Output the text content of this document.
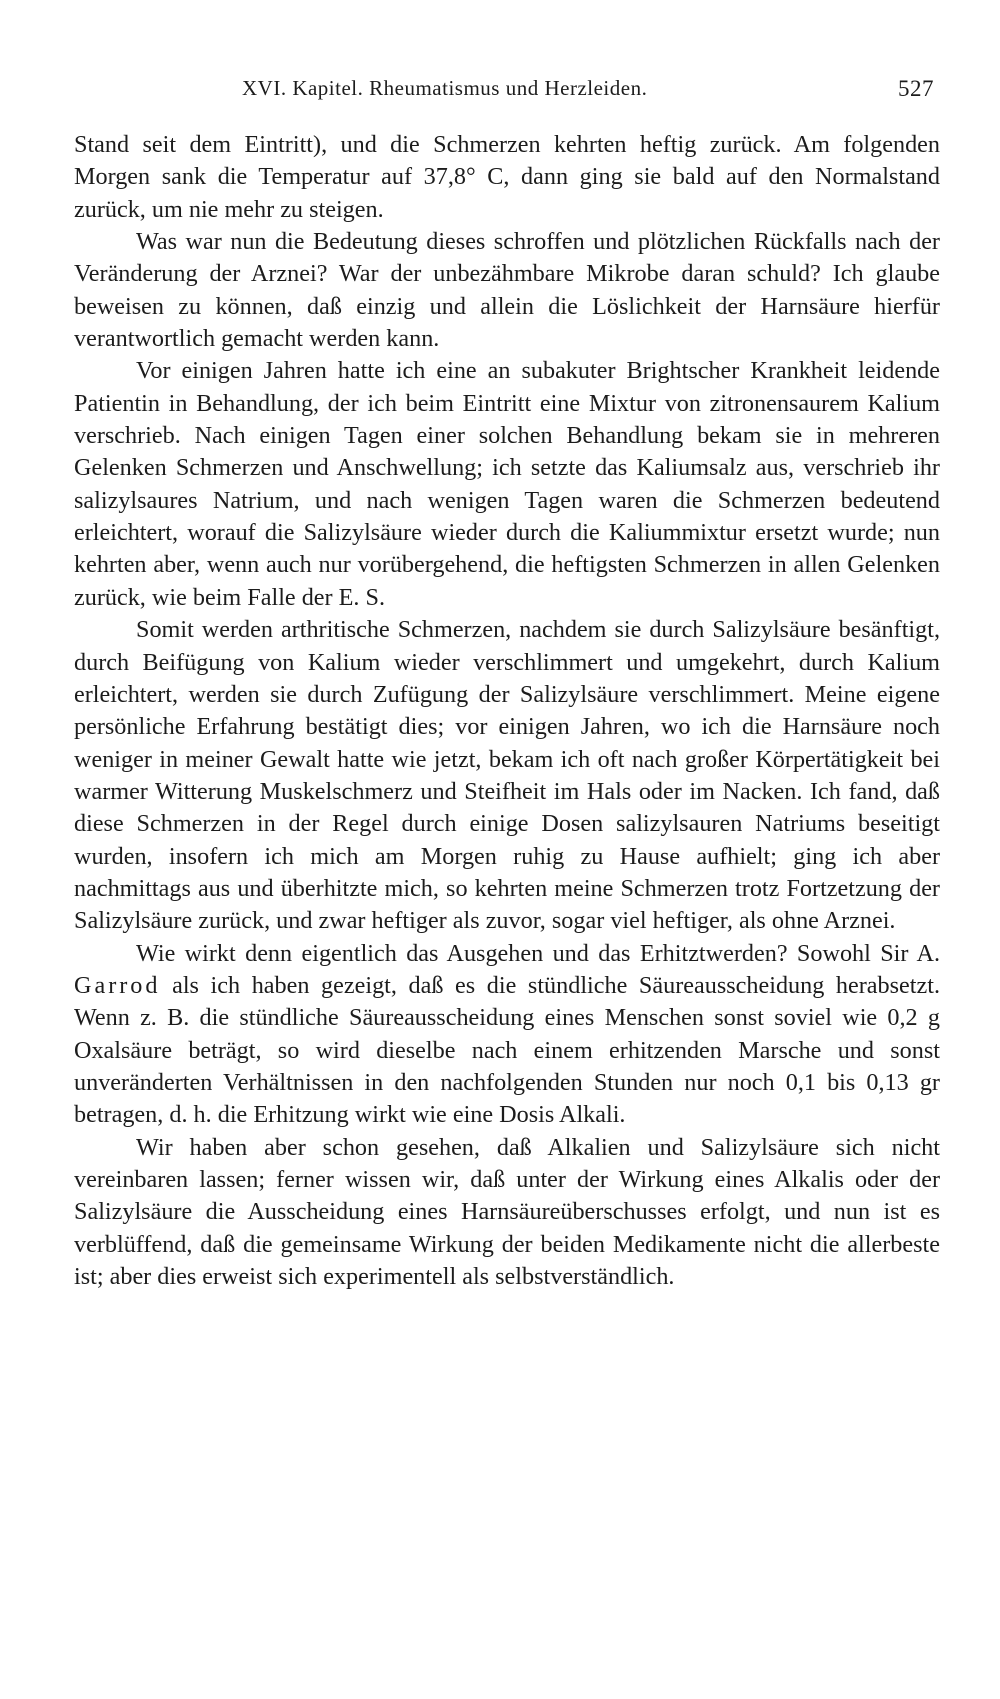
XVI. Kapitel. Rheumatismus und Herzleiden.	527

Stand seit dem Eintritt), und die Schmerzen kehrten heftig zurück. Am folgenden Morgen sank die Temperatur auf 37,8° C, dann ging sie bald auf den Normalstand zurück, um nie mehr zu steigen.

Was war nun die Bedeutung dieses schroffen und plötzlichen Rückfalls nach der Veränderung der Arznei? War der unbezähmbare Mikrobe daran schuld? Ich glaube beweisen zu können, daß einzig und allein die Löslichkeit der Harnsäure hierfür verantwortlich gemacht werden kann.

Vor einigen Jahren hatte ich eine an subakuter Brightscher Krankheit leidende Patientin in Behandlung, der ich beim Eintritt eine Mixtur von zitronensaurem Kalium verschrieb. Nach einigen Tagen einer solchen Behandlung bekam sie in mehreren Gelenken Schmerzen und Anschwellung; ich setzte das Kaliumsalz aus, verschrieb ihr salizylsaures Natrium, und nach wenigen Tagen waren die Schmerzen bedeutend erleichtert, worauf die Salizylsäure wieder durch die Kaliummixtur ersetzt wurde; nun kehrten aber, wenn auch nur vorübergehend, die heftigsten Schmerzen in allen Gelenken zurück, wie beim Falle der E. S.

Somit werden arthritische Schmerzen, nachdem sie durch Salizylsäure besänftigt, durch Beifügung von Kalium wieder verschlimmert und umgekehrt, durch Kalium erleichtert, werden sie durch Zufügung der Salizylsäure verschlimmert. Meine eigene persönliche Erfahrung bestätigt dies; vor einigen Jahren, wo ich die Harnsäure noch weniger in meiner Gewalt hatte wie jetzt, bekam ich oft nach großer Körpertätigkeit bei warmer Witterung Muskelschmerz und Steifheit im Hals oder im Nacken. Ich fand, daß diese Schmerzen in der Regel durch einige Dosen salizylsauren Natriums beseitigt wurden, insofern ich mich am Morgen ruhig zu Hause aufhielt; ging ich aber nachmittags aus und überhitzte mich, so kehrten meine Schmerzen trotz Fortzetzung der Salizylsäure zurück, und zwar heftiger als zuvor, sogar viel heftiger, als ohne Arznei.

Wie wirkt denn eigentlich das Ausgehen und das Erhitztwerden? Sowohl Sir A. Garrod als ich haben gezeigt, daß es die stündliche Säureausscheidung herabsetzt. Wenn z. B. die stündliche Säureausscheidung eines Menschen sonst soviel wie 0,2 g Oxalsäure beträgt, so wird dieselbe nach einem erhitzenden Marsche und sonst unveränderten Verhältnissen in den nachfolgenden Stunden nur noch 0,1 bis 0,13 gr betragen, d. h. die Erhitzung wirkt wie eine Dosis Alkali.

Wir haben aber schon gesehen, daß Alkalien und Salizylsäure sich nicht vereinbaren lassen; ferner wissen wir, daß unter der Wirkung eines Alkalis oder der Salizylsäure die Ausscheidung eines Harnsäureüberschusses erfolgt, und nun ist es verblüffend, daß die gemeinsame Wirkung der beiden Medikamente nicht die allerbeste ist; aber dies erweist sich experimentell als selbstverständlich.
